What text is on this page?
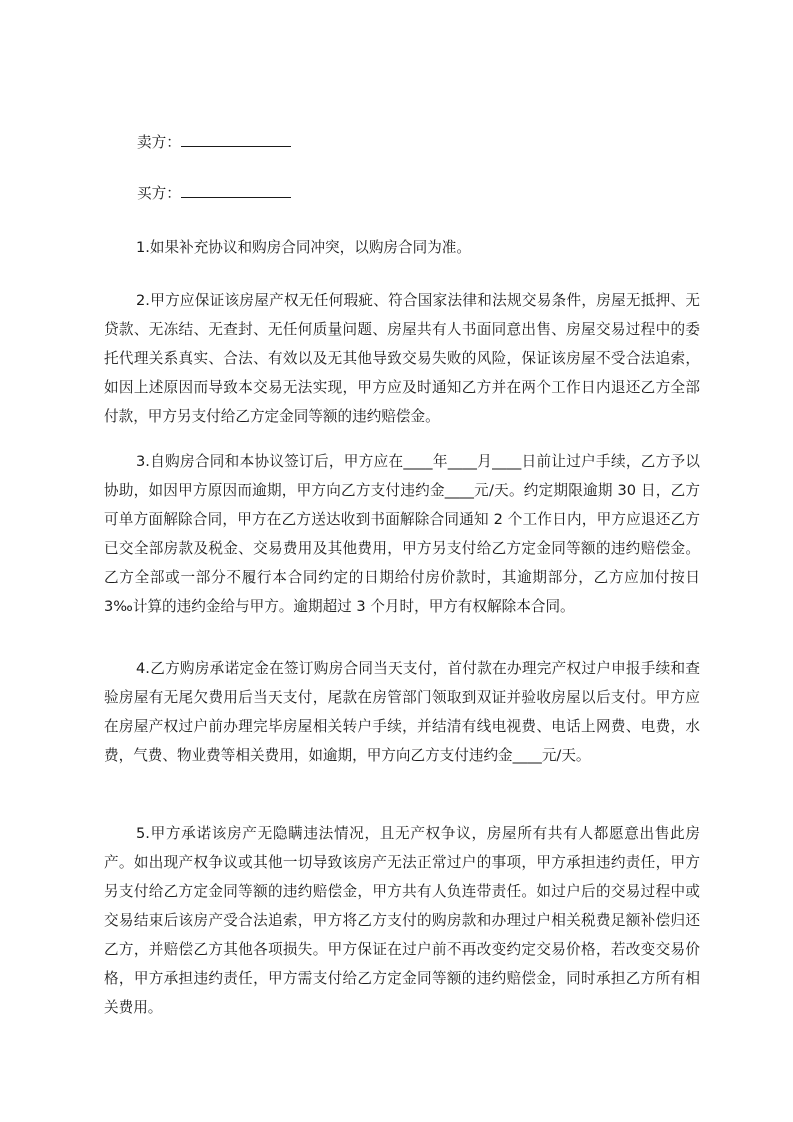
卖方：
买方：

1.如果补充协议和购房合同冲突，以购房合同为准。

2.甲方应保证该房屋产权无任何瑕疵、符合国家法律和法规交易条件，房屋无抵押、无贷款、无冻结、无查封、无任何质量问题、房屋共有人书面同意出售、房屋交易过程中的委托代理关系真实、合法、有效以及无其他导致交易失败的风险，保证该房屋不受合法追索，如因上述原因而导致本交易无法实现，甲方应及时通知乙方并在两个工作日内退还乙方全部付款，甲方另支付给乙方定金同等额的违约赔偿金。

3.自购房合同和本协议签订后，甲方应在____年____月____日前让过户手续，乙方予以协助，如因甲方原因而逾期，甲方向乙方支付违约金____元/天。约定期限逾期 30 日，乙方可单方面解除合同，甲方在乙方送达收到书面解除合同通知 2 个工作日内，甲方应退还乙方已交全部房款及税金、交易费用及其他费用，甲方另支付给乙方定金同等额的违约赔偿金。乙方全部或一部分不履行本合同约定的日期给付房价款时，其逾期部分，乙方应加付按日 3‰计算的违约金给与甲方。逾期超过 3 个月时，甲方有权解除本合同。

4.乙方购房承诺定金在签订购房合同当天支付，首付款在办理完产权过户申报手续和查验房屋有无尾欠费用后当天支付，尾款在房管部门领取到双证并验收房屋以后支付。甲方应在房屋产权过户前办理完毕房屋相关转户手续，并结清有线电视费、电话上网费、电费，水费，气费、物业费等相关费用，如逾期，甲方向乙方支付违约金____元/天。

5.甲方承诺该房产无隐瞒违法情况，且无产权争议，房屋所有共有人都愿意出售此房产。如出现产权争议或其他一切导致该房产无法正常过户的事项，甲方承担违约责任，甲方另支付给乙方定金同等额的违约赔偿金，甲方共有人负连带责任。如过户后的交易过程中或交易结束后该房产受合法追索，甲方将乙方支付的购房款和办理过户相关税费足额补偿归还乙方，并赔偿乙方其他各项损失。甲方保证在过户前不再改变约定交易价格，若改变交易价格，甲方承担违约责任，甲方需支付给乙方定金同等额的违约赔偿金，同时承担乙方所有相关费用。
